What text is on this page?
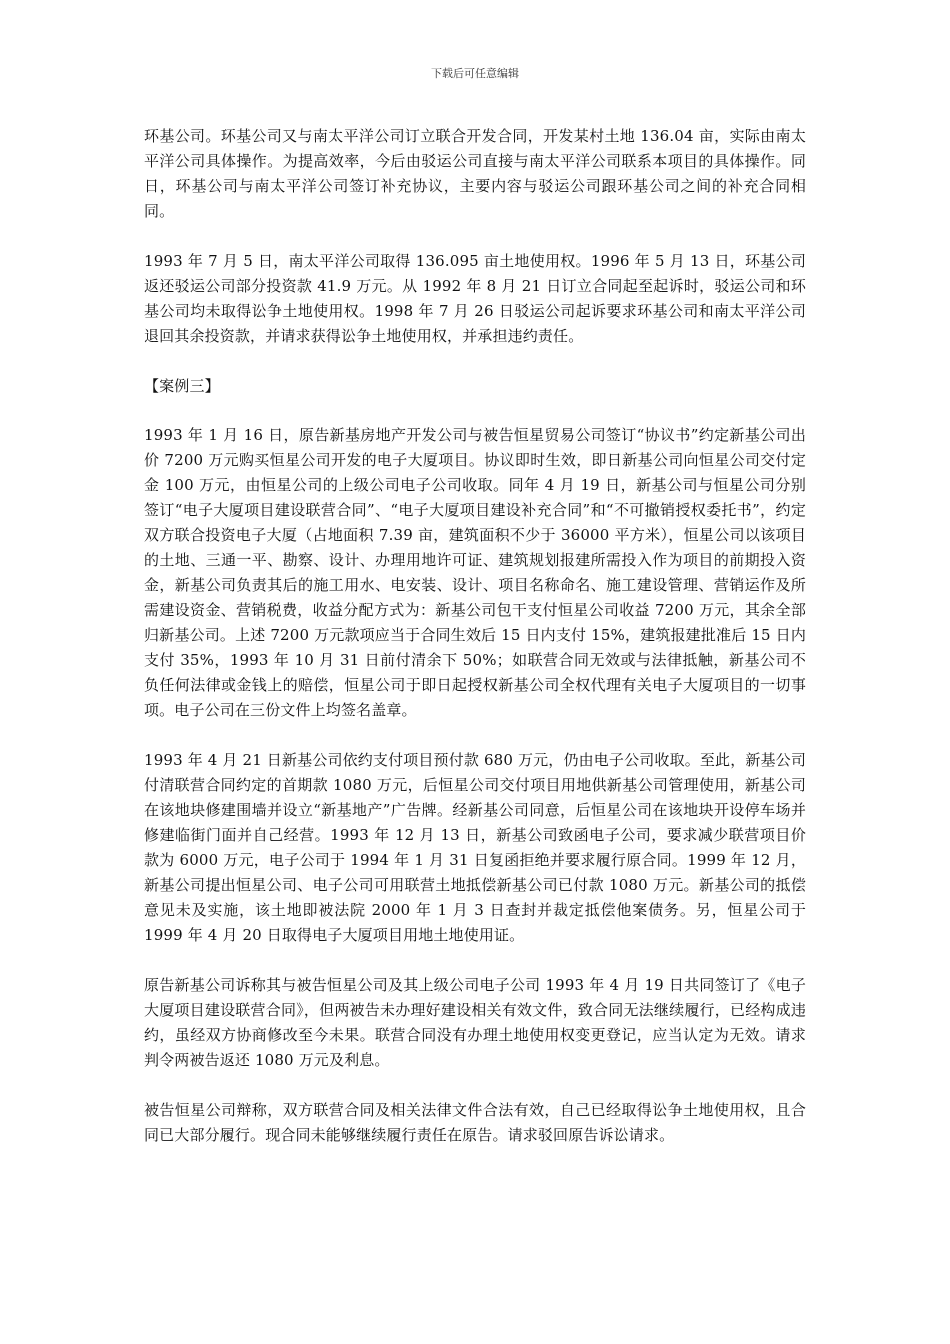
下载后可任意编辑

环基公司。环基公司又与南太平洋公司订立联合开发合同，开发某村土地 136.04 亩，实际由南太平洋公司具体操作。为提高效率，今后由驳运公司直接与南太平洋公司联系本项目的具体操作。同日，环基公司与南太平洋公司签订补充协议，主要内容与驳运公司跟环基公司之间的补充合同相同。

1993 年 7 月 5 日，南太平洋公司取得 136.095 亩土地使用权。1996 年 5 月 13 日，环基公司返还驳运公司部分投资款 41.9 万元。从 1992 年 8 月 21 日订立合同起至起诉时，驳运公司和环基公司均未取得讼争土地使用权。1998 年 7 月 26 日驳运公司起诉要求环基公司和南太平洋公司退回其余投资款，并请求获得讼争土地使用权，并承担违约责任。

【案例三】

1993 年 1 月 16 日，原告新基房地产开发公司与被告恒星贸易公司签订“协议书”约定新基公司出价 7200 万元购买恒星公司开发的电子大厦项目。协议即时生效，即日新基公司向恒星公司交付定金 100 万元，由恒星公司的上级公司电子公司收取。同年 4 月 19 日，新基公司与恒星公司分别签订“电子大厦项目建设联营合同”、“电子大厦项目建设补充合同”和“不可撤销授权委托书”，约定双方联合投资电子大厦（占地面积 7.39 亩，建筑面积不少于 36000 平方米），恒星公司以该项目的土地、三通一平、勘察、设计、办理用地许可证、建筑规划报建所需投入作为项目的前期投入资金，新基公司负责其后的施工用水、电安装、设计、项目名称命名、施工建设管理、营销运作及所需建设资金、营销税费，收益分配方式为：新基公司包干支付恒星公司收益 7200 万元，其余全部归新基公司。上述 7200 万元款项应当于合同生效后 15 日内支付 15%，建筑报建批准后 15 日内支付 35%，1993 年 10 月 31 日前付清余下 50%；如联营合同无效或与法律抵触，新基公司不负任何法律或金钱上的赔偿，恒星公司于即日起授权新基公司全权代理有关电子大厦项目的一切事项。电子公司在三份文件上均签名盖章。

1993 年 4 月 21 日新基公司依约支付项目预付款 680 万元，仍由电子公司收取。至此，新基公司付清联营合同约定的首期款 1080 万元，后恒星公司交付项目用地供新基公司管理使用，新基公司在该地块修建围墙并设立“新基地产”广告牌。经新基公司同意，后恒星公司在该地块开设停车场并修建临街门面并自己经营。1993 年 12 月 13 日，新基公司致函电子公司，要求减少联营项目价款为 6000 万元，电子公司于 1994 年 1 月 31 日复函拒绝并要求履行原合同。1999 年 12 月，新基公司提出恒星公司、电子公司可用联营土地抵偿新基公司已付款 1080 万元。新基公司的抵偿意见未及实施，该土地即被法院 2000 年 1 月 3 日查封并裁定抵偿他案债务。另，恒星公司于 1999 年 4 月 20 日取得电子大厦项目用地土地使用证。

原告新基公司诉称其与被告恒星公司及其上级公司电子公司 1993 年 4 月 19 日共同签订了《电子大厦项目建设联营合同》，但两被告未办理好建设相关有效文件，致合同无法继续履行，已经构成违约，虽经双方协商修改至今未果。联营合同没有办理土地使用权变更登记，应当认定为无效。请求判令两被告返还 1080 万元及利息。

被告恒星公司辩称，双方联营合同及相关法律文件合法有效，自己已经取得讼争土地使用权，且合同已大部分履行。现合同未能够继续履行责任在原告。请求驳回原告诉讼请求。
